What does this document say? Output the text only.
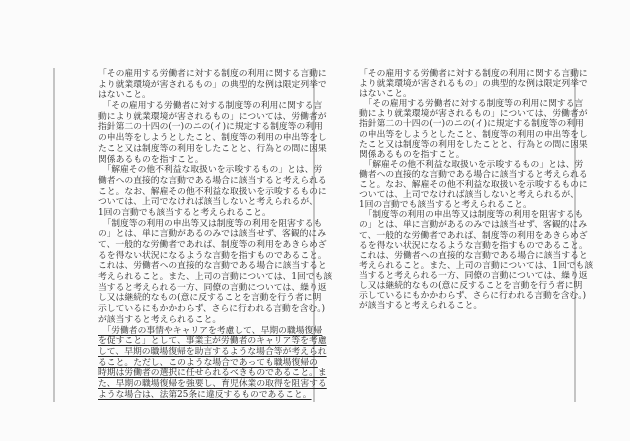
「その雇用する労働者に対する制度の利用に関する言動に
より就業環境が害されるもの」の典型的な例は限定列挙で
はないこと。
　「その雇用する労働者に対する制度等の利用に関する言
動により就業環境が害されるもの」については、労働者が
指針第二の十四の(一)のニの(イ)に規定する制度等の利用
の申出等をしようとしたこと、制度等の利用の申出等をし
たこと又は制度等の利用をしたことと、行為との間に因果
関係あるものを指すこと。
　「解雇その他不利益な取扱いを示唆するもの」とは、労
働者への直接的な言動である場合に該当すると考えられる
こと。なお、解雇その他不利益な取扱いを示唆するものに
ついては、上司でなければ該当しないと考えられるが、
1回の言動でも該当すると考えられること。
　「制度等の利用の申出等又は制度等の利用を阻害するも
の」とは、単に言動があるのみでは該当せず、客観的にみ
て、一般的な労働者であれば、制度等の利用をあきらめざ
るを得ない状況になるような言動を指すものであること。
これは、労働者への直接的な言動である場合に該当すると
考えられること。また、上司の言動については、1回でも該
当すると考えられる一方、同僚の言動については、繰り返
し又は継続的なもの(意に反することを言動を行う者に明
示しているにもかかわらず、さらに行われる言動を含む。)
が該当すると考えられること。
　「労働者の事情やキャリアを考慮して、早期の職場復帰
を促すこと」として、事業主が労働者のキャリア等を考慮
して、早期の職場復帰を助言するような場合等が考えられ
ること。ただし、このような場合であっても職場復帰の
時期は労働者の選択に任せられるべきものであること。ま
た、早期の職場復帰を強要し、育児休業の取得を阻害する
ような場合は、法第25条に違反するものであること。
「その雇用する労働者に対する制度の利用に関する言動に
より就業環境が害されるもの」の典型的な例は限定列挙で
はないこと。
　「その雇用する労働者に対する制度等の利用に関する言
動により就業環境が害されるもの」については、労働者が
指針第二の十四の(一)のニの(イ)に規定する制度等の利用
の申出等をしようとしたこと、制度等の利用の申出等をし
たこと又は制度等の利用をしたことと、行為との間に因果
関係あるものを指すこと。
　「解雇その他不利益な取扱いを示唆するもの」とは、労
働者への直接的な言動である場合に該当すると考えられる
こと。なお、解雇その他不利益な取扱いを示唆するものに
ついては、上司でなければ該当しないと考えられるが、
1回の言動でも該当すると考えられること。
　「制度等の利用の申出等又は制度等の利用を阻害するも
の」とは、単に言動があるのみでは該当せず、客観的にみ
て、一般的な労働者であれば、制度等の利用をあきらめざ
るを得ない状況になるような言動を指すものであること。
これは、労働者への直接的な言動である場合に該当すると
考えられること。また、上司の言動については、1回でも該
当すると考えられる一方、同僚の言動については、繰り返
し又は継続的なもの(意に反することを言動を行う者に明
示しているにもかかわらず、さらに行われる言動を含む。)
が該当すると考えられること。
